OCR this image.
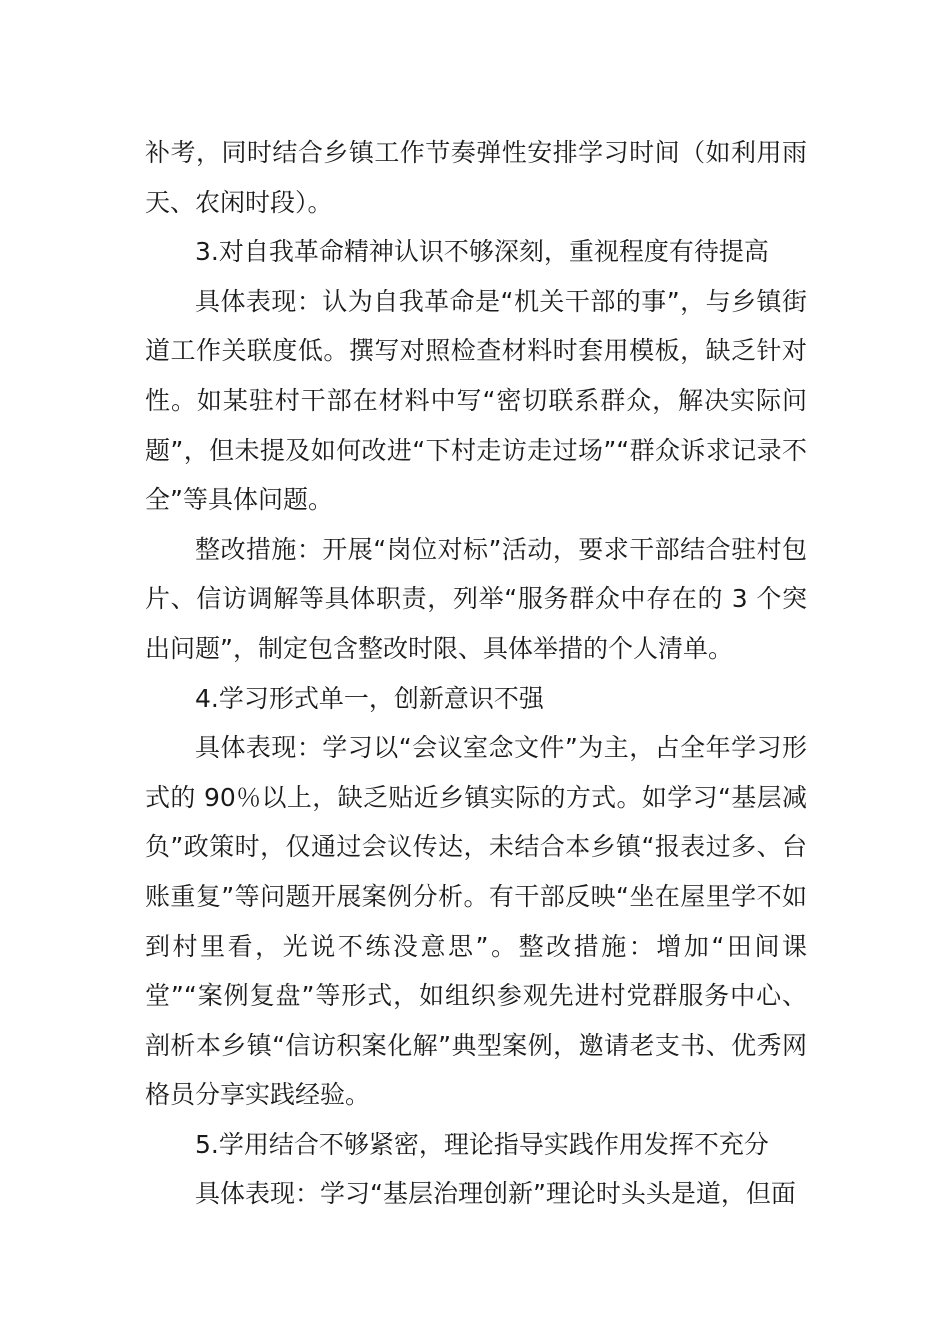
补考，同时结合乡镇工作节奏弹性安排学习时间（如利用雨天、农闲时段）。

3.对自我革命精神认识不够深刻，重视程度有待提高

具体表现：认为自我革命是“机关干部的事”，与乡镇街道工作关联度低。撰写对照检查材料时套用模板，缺乏针对性。如某驻村干部在材料中写“密切联系群众，解决实际问题”，但未提及如何改进“下村走访走过场”“群众诉求记录不全”等具体问题。

整改措施：开展“岗位对标”活动，要求干部结合驻村包片、信访调解等具体职责，列举“服务群众中存在的 3 个突出问题”，制定包含整改时限、具体举措的个人清单。

4.学习形式单一，创新意识不强

具体表现：学习以“会议室念文件”为主，占全年学习形式的 90％以上，缺乏贴近乡镇实际的方式。如学习“基层减负”政策时，仅通过会议传达，未结合本乡镇“报表过多、台账重复”等问题开展案例分析。有干部反映“坐在屋里学不如到村里看，光说不练没意思”。整改措施：增加“田间课堂”“案例复盘”等形式，如组织参观先进村党群服务中心、剖析本乡镇“信访积案化解”典型案例，邀请老支书、优秀网格员分享实践经验。

5.学用结合不够紧密，理论指导实践作用发挥不充分

具体表现：学习“基层治理创新”理论时头头是道，但面
